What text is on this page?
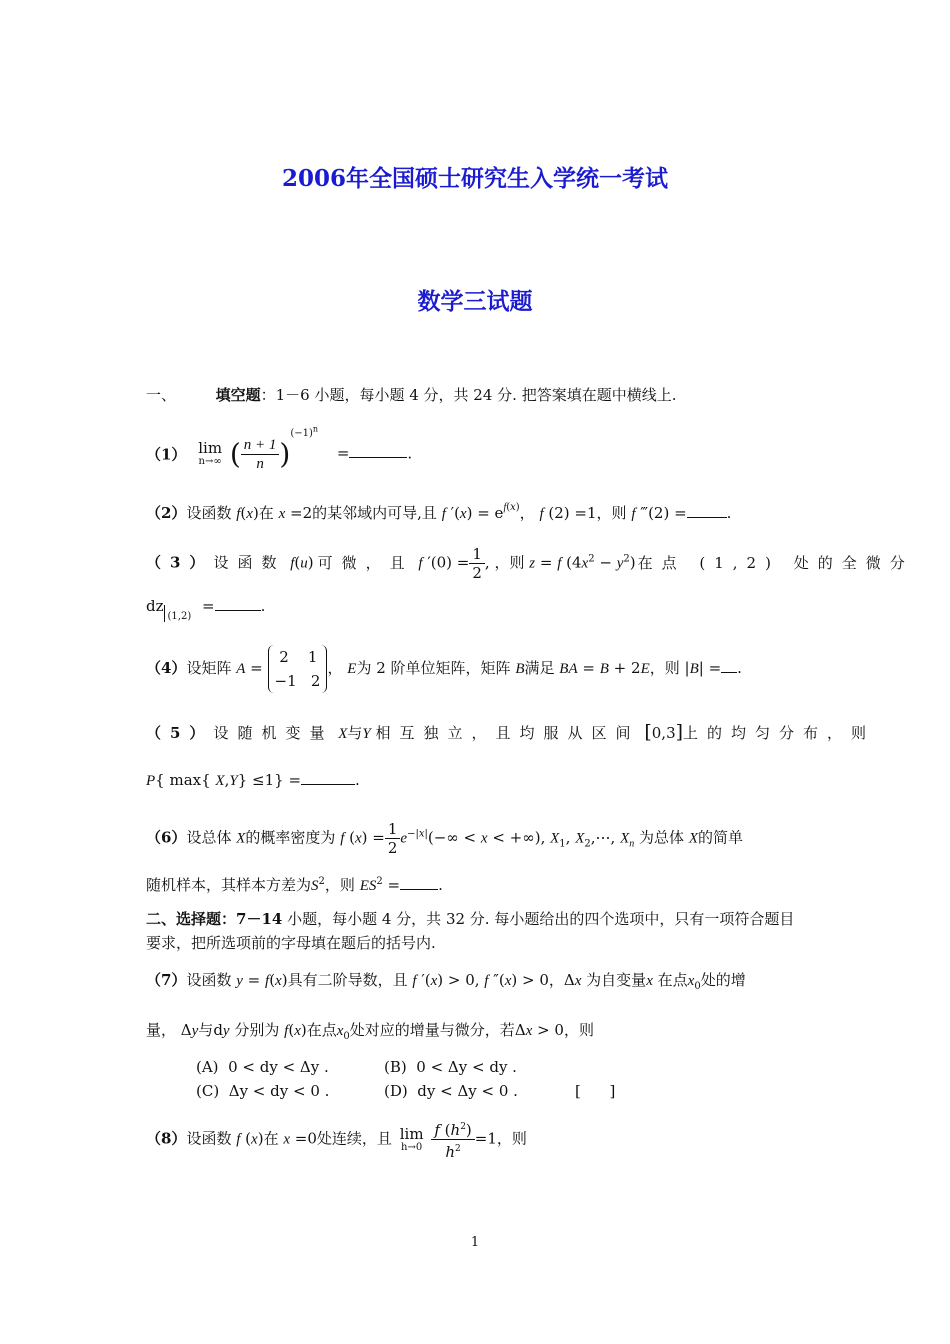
2006年全国硕士研究生入学统一考试
数学三试题
一、	填空题：1－6 小题，每小题 4 分，共 24 分. 把答案填在题中横线上.
（1） lim
n→∞ ( $\frac{n + 1}{n} )^{(-1)^n}$ =	.
（2）设函数 f(x)在 x =2的某邻域内可导,且 f $'(x) = e^{f(x)}$， f (2) =1，则 f ‴(2) =	.
（3）设函数 f(u) 可微，且 f $'(0) = \frac{1}{2}$ , ，则 z = f $(4x^2 - y^2)$ 在点 (1,2) 处的全微分
$dz_{(1,2)}$ =	.
（4）设矩阵 A =
2    1
−1   2
， E为 2 阶单位矩阵，矩阵 B满足 BA = B + 2E，则 |B| = .
（5）设随机变量 X与Y 相互独立，且均服从区间 [0,3]上的均匀分布，则
P{ max{ X,Y} ≤1} =	.
（6）设总体 X的概率密度为 f $(x) = \frac{1}{2} e^{-|x|}(-\infty < x$ < +∞), $X_1$, $X_2,\cdots$, $X_n$ 为总体 X的简单
随机样本，其样本方差为$S^2$，则 $ES^2$ =	.
二、选择题：7－14 小题，每小题 4 分，共 32 分. 每小题给出的四个选项中，只有一项符合题目
要求，把所选项前的字母填在题后的括号内.
（7）设函数 y = f(x)具有二阶导数，且 f ′(x) > 0, f ″(x) > 0，Δx 为自变量x 在点$x_0$处的增
量， Δy与dy 分别为 f(x)在点$x_0$处对应的增量与微分，若Δx > 0，则
(A) 0 < dy < Δy .	(B) 0 < Δy < dy .
(C) Δy < dy < 0 .	(D) dy < Δy < 0 .	[      ]
（8）设函数 f (x)在 x =0处连续，且 lim
h→0
$\frac{f (h^2)}{h^2} =1$，则
1
